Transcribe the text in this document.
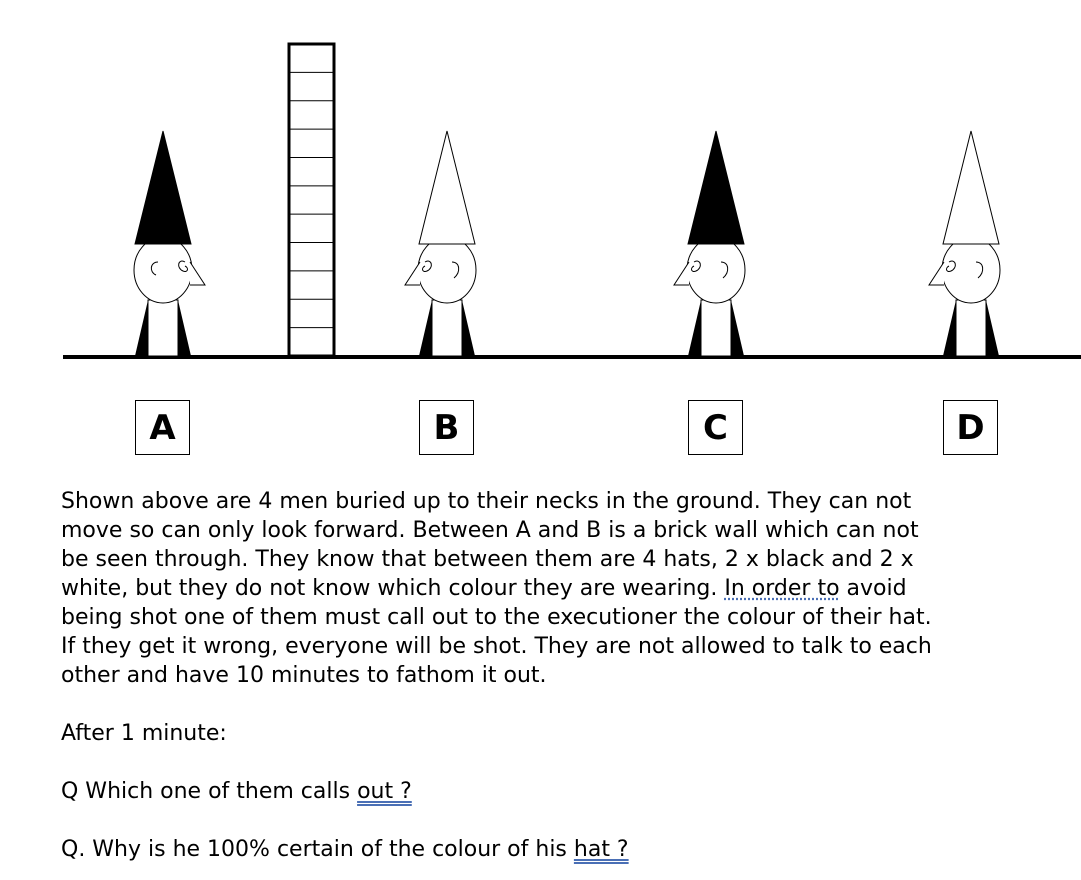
A	B	C	D

Shown above are 4 men buried up to their necks in the ground. They can not move so can only look forward. Between A and B is a brick wall which can not be seen through. They know that between them are 4 hats, 2 x black and 2 x white, but they do not know which colour they are wearing. In order to avoid being shot one of them must call out to the executioner the colour of their hat. If they get it wrong, everyone will be shot. They are not allowed to talk to each other and have 10 minutes to fathom it out.

After 1 minute:
Q Which one of them calls out ?
Q. Why is he 100% certain of the colour of his hat ?
